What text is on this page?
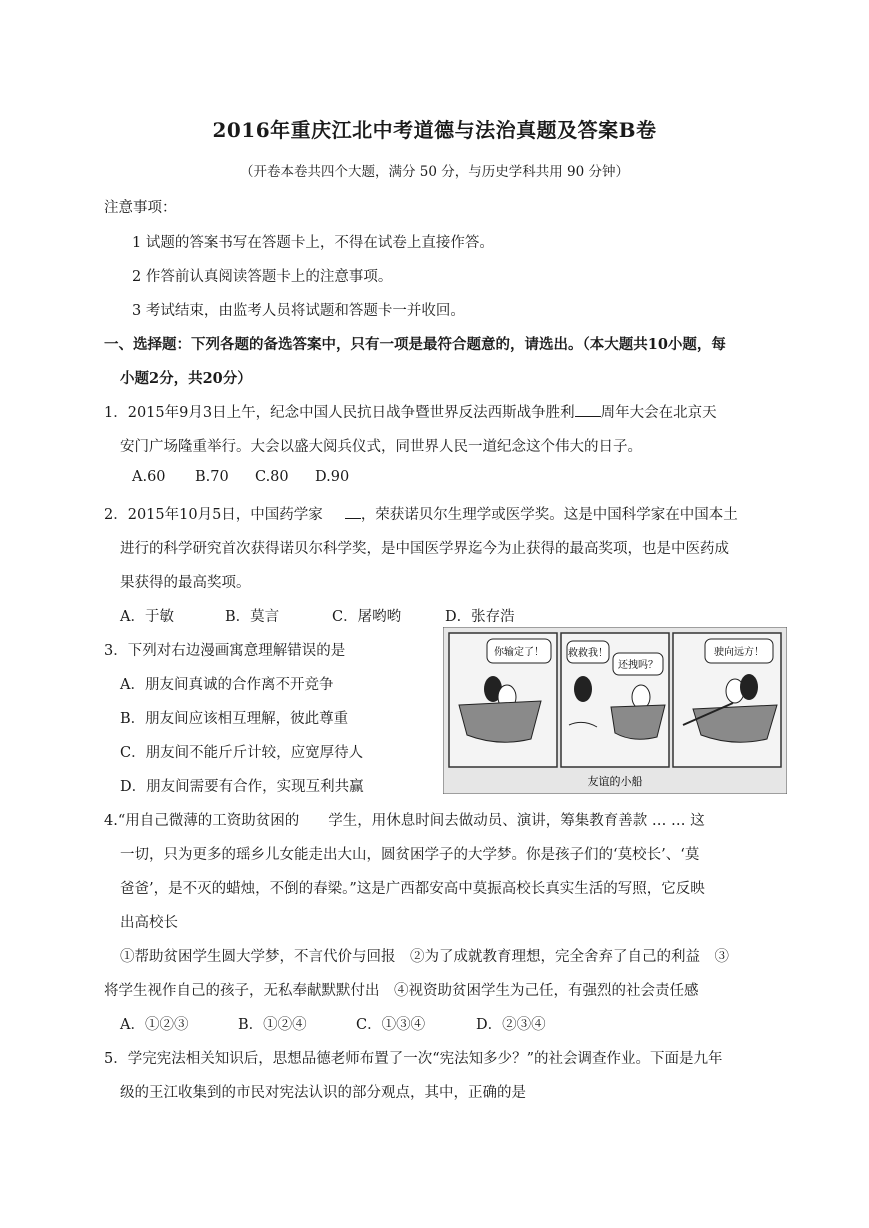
2016年重庆江北中考道德与法治真题及答案B卷
（开卷本卷共四个大题，满分 50 分，与历史学科共用 90 分钟）
注意事项：
1 试题的答案书写在答题卡上，不得在试卷上直接作答。
2 作答前认真阅读答题卡上的注意事项。
3 考试结束，由监考人员将试题和答题卡一并收回。
一、选择题：下列各题的备选答案中，只有一项是最符合题意的，请选出。（本大题共10小题，每
小题2分，共20分）
1．2015年9月3日上午，纪念中国人民抗日战争暨世界反法西斯战争胜利 周年大会在北京天
安门广场隆重举行。大会以盛大阅兵仪式，同世界人民一道纪念这个伟大的日子。
A.60 B.70 C.80 D.90
2．2015年10月5日，中国药学家	，荣获诺贝尔生理学或医学奖。这是中国科学家在中国本土
进行的科学研究首次获得诺贝尔科学奖，是中国医学界迄今为止获得的最高奖项，也是中医药成
果获得的最高奖项。
A．于敏	B．莫言	C．屠哟哟	D．张存浩
3．下列对右边漫画寓意理解错误的是
A．朋友间真诚的合作离不开竞争
B．朋友间应该相互理解，彼此尊重
C．朋友间不能斤斤计较，应宽厚待人
D．朋友间需要有合作，实现互利共赢
你输定了！ 救救我！
还拽吗？
驶向远方！
友谊的小船
4.“用自己微薄的工资助贫困的　　学生，用休息时间去做动员、演讲，筹集教育善款 … … 这
一切，只为更多的瑶乡儿女能走出大山，圆贫困学子的大学梦。你是孩子们的‘莫校长’、‘莫
爸爸’，是不灭的蜡烛，不倒的春梁。”这是广西都安高中莫振高校长真实生活的写照，它反映
出高校长
①帮助贫困学生圆大学梦，不言代价与回报　②为了成就教育理想，完全舍弃了自己的利益　③
将学生视作自己的孩子，无私奉献默默付出　④视资助贫困学生为己任，有强烈的社会责任感
A．①②③	B．①②④	C．①③④	D．②③④
5．学完宪法相关知识后，思想品德老师布置了一次“宪法知多少？”的社会调查作业。下面是九年
级的王江收集到的市民对宪法认识的部分观点，其中，正确的是
